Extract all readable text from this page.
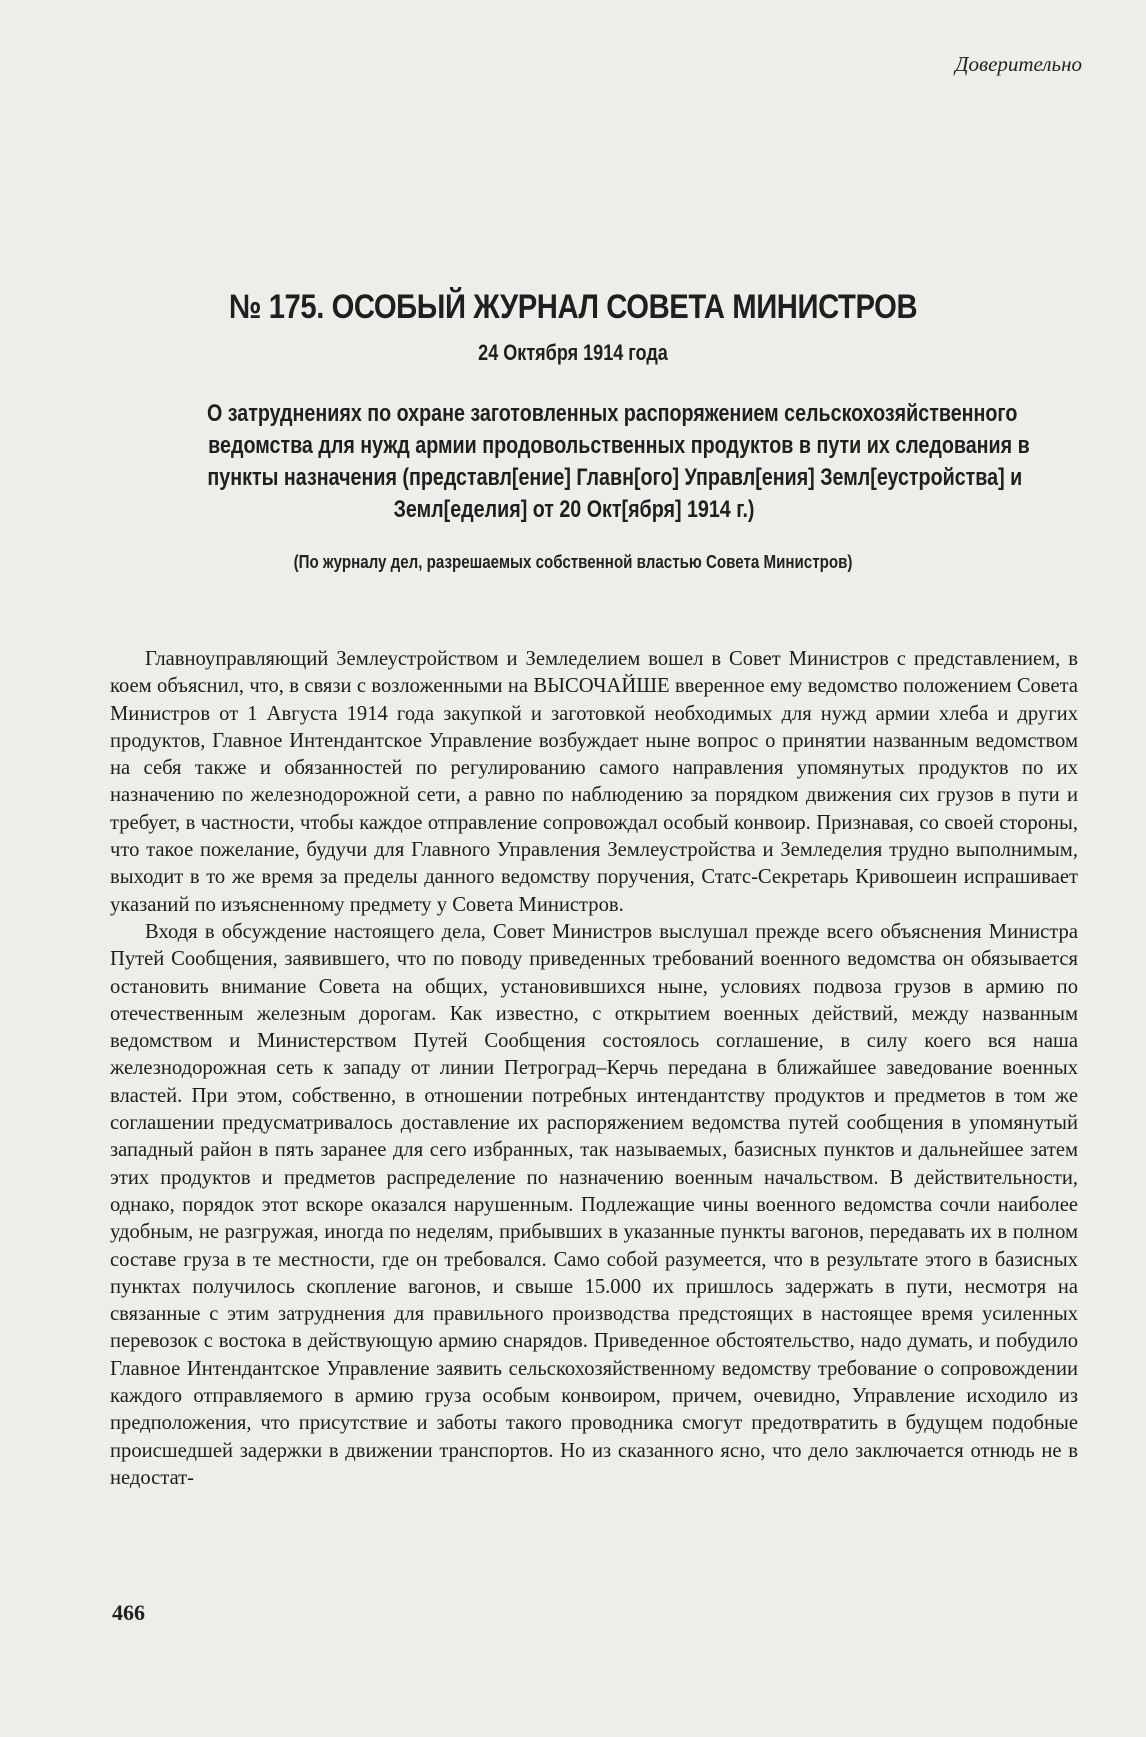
Доверительно
№ 175. ОСОБЫЙ ЖУРНАЛ СОВЕТА МИНИСТРОВ
24 Октября 1914 года
О затруднениях по охране заготовленных распоряжением сельскохозяйственного
ведомства для нужд армии продовольственных продуктов в пути их следования в
пункты назначения (представл[ение] Главн[ого] Управл[ения] Земл[еустройства] и
Земл[еделия] от 20 Окт[ября] 1914 г.)
(По журналу дел, разрешаемых собственной властью Совета Министров)

Главноуправляющий Землеустройством и Земледелием вошел в Совет Министров с представлением, в коем объяснил, что, в связи с возложенными на ВЫСОЧАЙШЕ вверенное ему ведомство положением Совета Министров от 1 Августа 1914 года закупкой и заготовкой необходимых для нужд армии хлеба и других продуктов, Главное Интендантское Управление возбуждает ныне вопрос о принятии названным ведомством на себя также и обязанностей по регулированию самого направления упомянутых продуктов по их назначению по железнодорожной сети, а равно по наблюдению за порядком движения сих грузов в пути и требует, в частности, чтобы каждое отправление сопровождал особый конвоир. Признавая, со своей стороны, что такое пожелание, будучи для Главного Управления Землеустройства и Земледелия трудно выполнимым, выходит в то же время за пределы данного ведомству поручения, Статс-Секретарь Кривошеин испрашивает указаний по изъясненному предмету у Совета Министров.

Входя в обсуждение настоящего дела, Совет Министров выслушал прежде всего объяснения Министра Путей Сообщения, заявившего, что по поводу приведенных требований военного ведомства он обязывается остановить внимание Совета на общих, установившихся ныне, условиях подвоза грузов в армию по отечественным железным дорогам. Как известно, с открытием военных действий, между названным ведомством и Министерством Путей Сообщения состоялось соглашение, в силу коего вся наша железнодорожная сеть к западу от линии Петроград–Керчь передана в ближайшее заведование военных властей. При этом, собственно, в отношении потребных интендантству продуктов и предметов в том же соглашении предусматривалось доставление их распоряжением ведомства путей сообщения в упомянутый западный район в пять заранее для сего избранных, так называемых, базисных пунктов и дальнейшее затем этих продуктов и предметов распределение по назначению военным начальством. В действительности, однако, порядок этот вскоре оказался нарушенным. Подлежащие чины военного ведомства сочли наиболее удобным, не разгружая, иногда по неделям, прибывших в указанные пункты вагонов, передавать их в полном составе груза в те местности, где он требовался. Само собой разумеется, что в результате этого в базисных пунктах получилось скопление вагонов, и свыше 15.000 их пришлось задержать в пути, несмотря на связанные с этим затруднения для правильного производства предстоящих в настоящее время усиленных перевозок с востока в действующую армию снарядов. Приведенное обстоятельство, надо думать, и побудило Главное Интендантское Управление заявить сельскохозяйственному ведомству требование о сопровождении каждого отправляемого в армию груза особым конвоиром, причем, очевидно, Управление исходило из предположения, что присутствие и заботы такого проводника смогут предотвратить в будущем подобные происшедшей задержки в движении транспортов. Но из сказанного ясно, что дело заключается отнюдь не в недостат-

466
